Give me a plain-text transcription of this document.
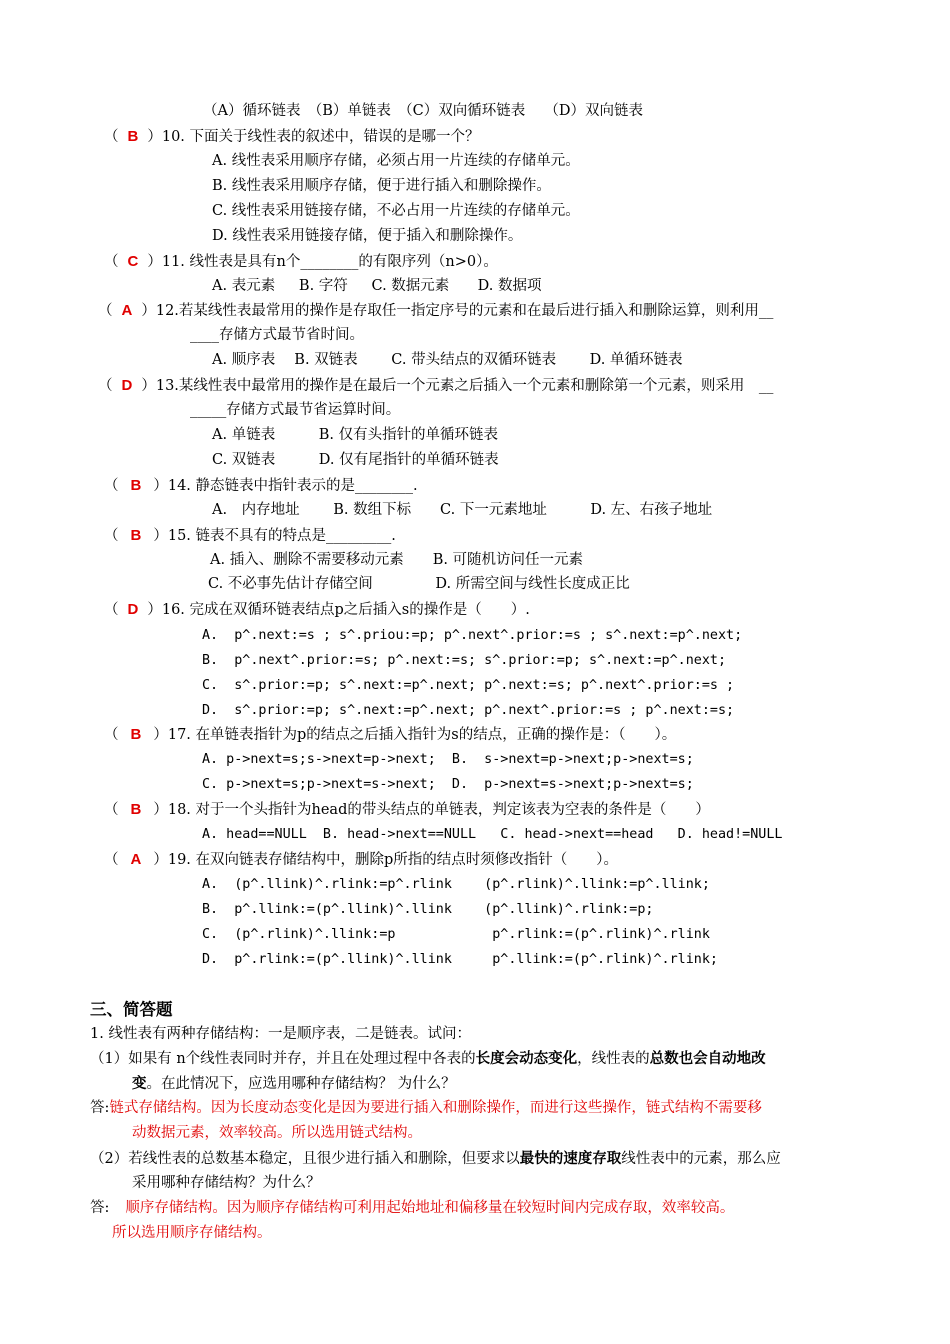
（A）循环链表　（B）单链表　（C）双向循环链表　 （D）双向链表
（ B ）10. 下面关于线性表的叙述中，错误的是哪一个？
A. 线性表采用顺序存储，必须占用一片连续的存储单元。
B. 线性表采用顺序存储，便于进行插入和删除操作。
C. 线性表采用链接存储，不必占用一片连续的存储单元。
D. 线性表采用链接存储，便于插入和删除操作。
（ C ）11. 线性表是具有n个________的有限序列（n>0）。
A. 表元素　  B. 字符　  C. 数据元素　   D. 数据项
（ A ）12.若某线性表最常用的操作是存取任一指定序号的元素和在最后进行插入和删除运算，则利用__
____存储方式最节省时间。
A. 顺序表　 B. 双链表　　 C. 带头结点的双循环链表　　 D. 单循环链表
（ D ）13.某线性表中最常用的操作是在最后一个元素之后插入一个元素和删除第一个元素，则采用　__
_____存储方式最节省运算时间。
A. 单链表　　　B. 仅有头指针的单循环链表
C. 双链表　　　D. 仅有尾指针的单循环链表
（ B ）14. 静态链表中指针表示的是________.
A.　内存地址　　 B. 数组下标　　C. 下一元素地址　　　D. 左、右孩子地址
（ B ）15. 链表不具有的特点是_________.
A. 插入、删除不需要移动元素　　B. 可随机访问任一元素
C. 不必事先估计存储空间　　　　 D. 所需空间与线性长度成正比
（ D ）16. 完成在双循环链表结点p之后插入s的操作是（　　）.
A.  p^.next:=s ; s^.priou:=p; p^.next^.prior:=s ; s^.next:=p^.next;
B.  p^.next^.prior:=s; p^.next:=s; s^.prior:=p; s^.next:=p^.next;
C.  s^.prior:=p; s^.next:=p^.next; p^.next:=s; p^.next^.prior:=s ;
D.  s^.prior:=p; s^.next:=p^.next; p^.next^.prior:=s ; p^.next:=s;
（ B ）17. 在单链表指针为p的结点之后插入指针为s的结点，正确的操作是：（　　）。
A. p->next=s;s->next=p->next;  B.  s->next=p->next;p->next=s;
C. p->next=s;p->next=s->next;  D.  p->next=s->next;p->next=s;
（ B ）18. 对于一个头指针为head的带头结点的单链表，判定该表为空表的条件是（　　）
A. head==NULL  B. head->next==NULL   C. head->next==head   D. head!=NULL
（ A ）19. 在双向链表存储结构中，删除p所指的结点时须修改指针（　　）。
A.  (p^.llink)^.rlink:=p^.rlink    (p^.rlink)^.llink:=p^.llink;
B.  p^.llink:=(p^.llink)^.llink    (p^.llink)^.rlink:=p;
C.  (p^.rlink)^.llink:=p            p^.rlink:=(p^.rlink)^.rlink
D.  p^.rlink:=(p^.llink)^.llink     p^.llink:=(p^.rlink)^.rlink;
三、简答题
1. 线性表有两种存储结构：一是顺序表，二是链表。试问：
（1）如果有 n个线性表同时并存，并且在处理过程中各表的长度会动态变化，线性表的总数也会自动地改
变。在此情况下，应选用哪种存储结构？ 为什么？
答:链式存储结构。因为长度动态变化是因为要进行插入和删除操作，而进行这些操作，链式结构不需要移
动数据元素，效率较高。所以选用链式结构。
（2）若线性表的总数基本稳定，且很少进行插入和删除，但要求以最快的速度存取线性表中的元素，那么应
采用哪种存储结构？为什么？
答: 顺序存储结构。因为顺序存储结构可利用起始地址和偏移量在较短时间内完成存取，效率较高。
所以选用顺序存储结构。
